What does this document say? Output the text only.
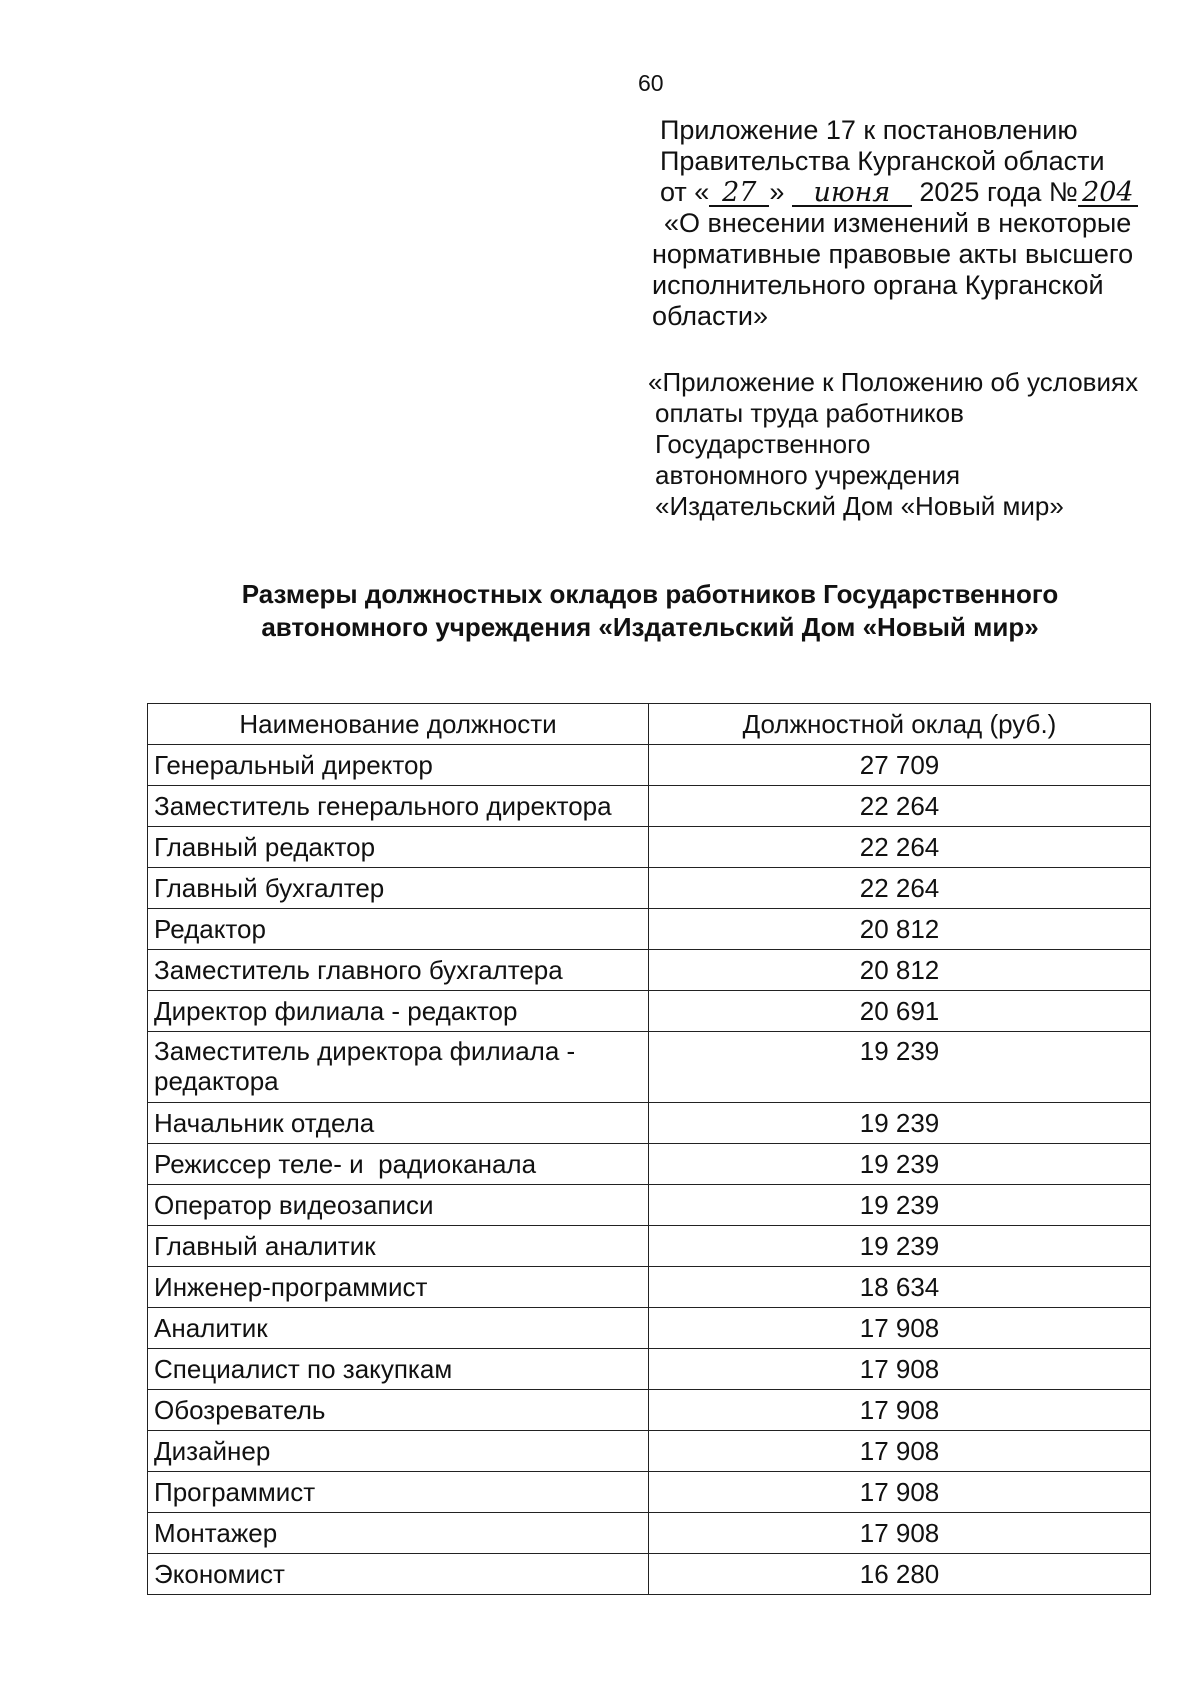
60
Приложение 17 к постановлению
Правительства Курганской области
от « 27 » июня 2025 года № 204
«О внесении изменений в некоторые
нормативные правовые акты высшего
исполнительного органа Курганской
области»
«Приложение к Положению об условиях
оплаты труда работников
Государственного
автономного учреждения
«Издательский Дом «Новый мир»
Размеры должностных окладов работников Государственного
автономного учреждения «Издательский Дом «Новый мир»
Наименование должности	Должностной оклад (руб.)
Генеральный директор	27 709
Заместитель генерального директора	22 264
Главный редактор	22 264
Главный бухгалтер	22 264
Редактор	20 812
Заместитель главного бухгалтера	20 812
Директор филиала - редактор	20 691

Заместитель директора филиала -
редактора	19 239
Начальник отдела	19 239
Режиссер теле- и  радиоканала	19 239
Оператор видеозаписи	19 239
Главный аналитик	19 239
Инженер-программист	18 634
Аналитик	17 908
Специалист по закупкам	17 908
Обозреватель	17 908
Дизайнер	17 908
Программист	17 908
Монтажер	17 908
Экономист	16 280
